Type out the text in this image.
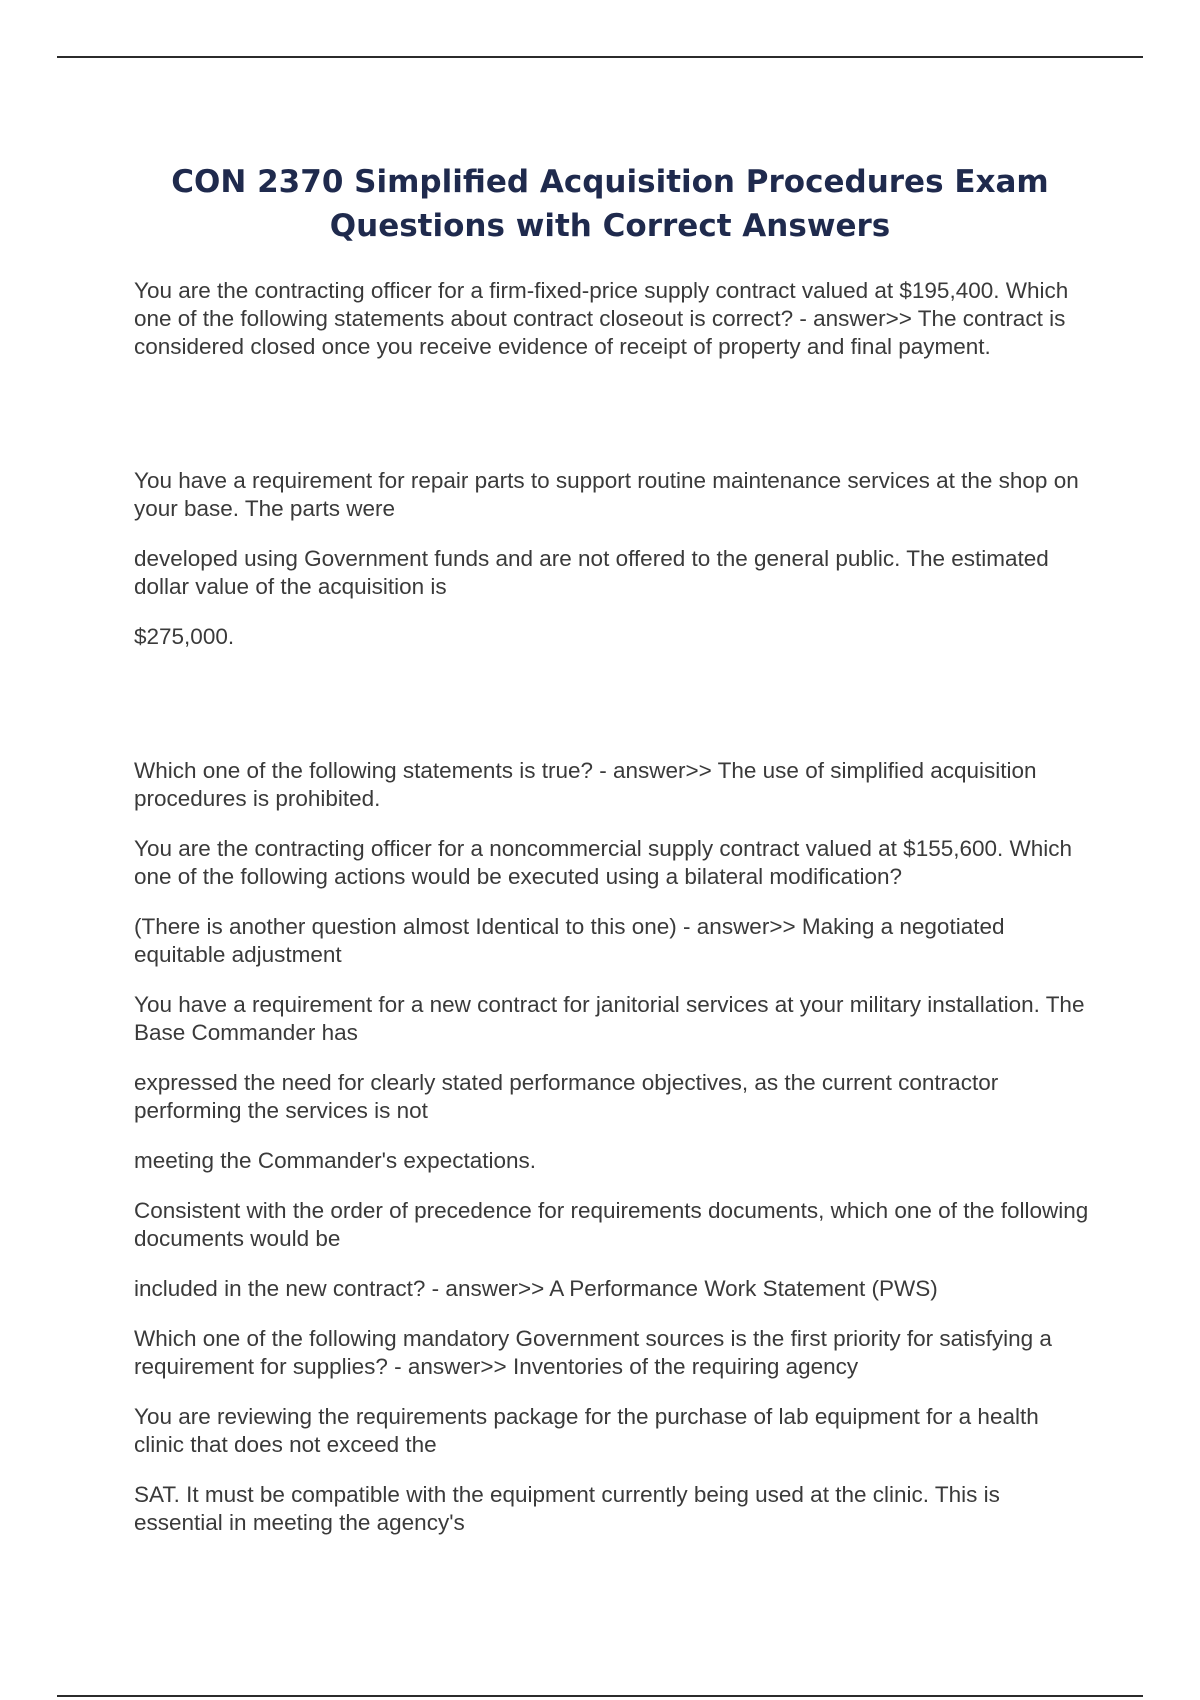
CON 2370 Simplified Acquisition Procedures Exam Questions with Correct Answers

You are the contracting officer for a firm-fixed-price supply contract valued at $195,400. Which one of the following statements about contract closeout is correct? - answer>> The contract is considered closed once you receive evidence of receipt of property and final payment.

You have a requirement for repair parts to support routine maintenance services at the shop on your base. The parts were

developed using Government funds and are not offered to the general public. The estimated dollar value of the acquisition is

$275,000.

Which one of the following statements is true? - answer>> The use of simplified acquisition procedures is prohibited.

You are the contracting officer for a noncommercial supply contract valued at $155,600. Which one of the following actions would be executed using a bilateral modification?

(There is another question almost Identical to this one) - answer>> Making a negotiated equitable adjustment

You have a requirement for a new contract for janitorial services at your military installation. The Base Commander has

expressed the need for clearly stated performance objectives, as the current contractor performing the services is not

meeting the Commander's expectations.

Consistent with the order of precedence for requirements documents, which one of the following documents would be

included in the new contract? - answer>> A Performance Work Statement (PWS)

Which one of the following mandatory Government sources is the first priority for satisfying a requirement for supplies? - answer>> Inventories of the requiring agency

You are reviewing the requirements package for the purchase of lab equipment for a health clinic that does not exceed the

SAT. It must be compatible with the equipment currently being used at the clinic. This is essential in meeting the agency's
